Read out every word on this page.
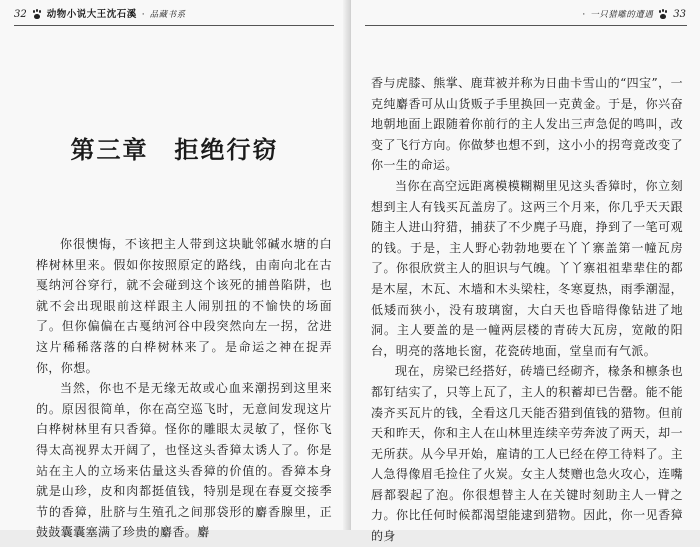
32 动物小说大王沈石溪 · 品藏书系
第三章　拒绝行窃

你很懊悔，不该把主人带到这块眦邻碱水塘的白桦树林里来。假如你按照原定的路线，由南向北在古戛纳河谷穿行，就不会碰到这个该死的捕兽陷阱，也就不会出现眼前这样跟主人闹别扭的不愉快的场面了。但你偏偏在古戛纳河谷中段突然向左一拐，岔进这片稀稀落落的白桦树林来了。是命运之神在捉弄你，你想。

当然，你也不是无缘无故或心血来潮拐到这里来的。原因很简单，你在高空巡飞时，无意间发现这片白桦树林里有只香獐。怪你的雕眼太灵敏了，怪你飞得太高视界太开阔了，也怪这头香獐太诱人了。你是站在主人的立场来估量这头香獐的价值的。香獐本身就是山珍，皮和肉都挺值钱，特别是现在春夏交接季节的香獐，肚脐与生殖孔之间那袋形的麝香腺里，正鼓鼓囊囊塞满了珍贵的麝香。麝

· 一只猎雕的遭遇 33

香与虎膝、熊掌、鹿茸被并称为日曲卡雪山的“四宝”，一克纯麝香可从山货贩子手里换回一克黄金。于是，你兴奋地朝地面上跟随着你前行的主人发出三声急促的鸣叫，改变了飞行方向。你做梦也想不到，这小小的拐弯竟改变了你一生的命运。

当你在高空远距离模模糊糊里见这头香獐时，你立刻想到主人有钱买瓦盖房了。这两三个月来，你几乎天天跟随主人进山狩猎，捕获了不少麂子马鹿，挣到了一笔可观的钱。于是，主人野心勃勃地要在丫丫寨盖第一幢瓦房了。你很欣赏主人的胆识与气魄。丫丫寨祖祖辈辈住的都是木屋，木瓦、木墙和木头梁柱，冬寒夏热，雨季潮湿，低矮而狭小，没有玻璃窗，大白天也昏暗得像钻进了地洞。主人要盖的是一幢两层楼的青砖大瓦房，宽敞的阳台，明亮的落地长窗，花瓷砖地面，堂皇而有气派。

现在，房梁已经搭好，砖墙已经砌齐，椽条和檩条也都钉结实了，只等上瓦了，主人的积蓄却已告罄。能不能凑齐买瓦片的钱，全看这几天能否猎到值钱的猎物。但前天和昨天，你和主人在山林里连续辛劳奔波了两天，却一无所获。从今早开始，雇请的工人已经在停工待料了。主人急得像眉毛捡住了火炭。女主人焚赠也急火攻心，连嘴唇都裂起了泡。你很想替主人在关键时刻助主人一臂之力。你比任何时候都渴望能逮到猎物。因此，你一见香獐的身
